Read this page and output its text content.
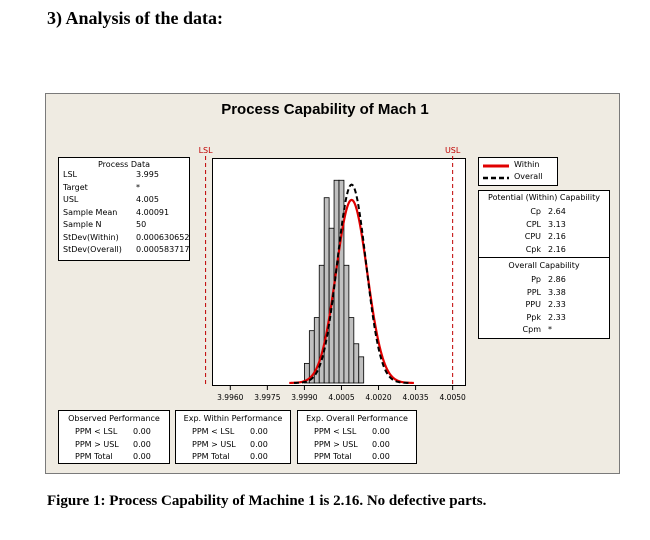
3) Analysis of the data:
Process Capability of Mach 1
Process Data
LSL	3.995
Target	*
USL	4.005
Sample Mean 4.00091
Sample N	50
StDev(Within) 0.000630652
StDev(Overall) 0.000583717
LSL	USL
3.9960 3.9975 3.9990 4.0005 4.0020 4.0035 4.0050
Within
Overall
Potential (Within) Capability
Cp 2.64
CPL 3.13
CPU 2.16
Cpk 2.16
Overall Capability
Pp 2.86
PPL 3.38
PPU 2.33
Ppk 2.33
Cpm *
Observed Performance
PPM < LSL 0.00
PPM > USL 0.00
PPM Total	0.00
Exp. Within Performance
PPM < LSL 0.00
PPM > USL 0.00
PPM Total	0.00
Exp. Overall Performance
PPM < LSL 0.00
PPM > USL 0.00
PPM Total	0.00
Figure 1: Process Capability of Machine 1 is 2.16. No defective parts.
